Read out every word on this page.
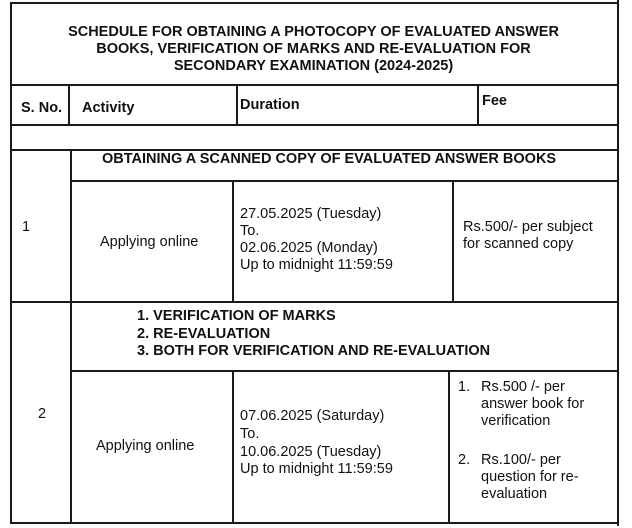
SCHEDULE FOR OBTAINING A PHOTOCOPY OF EVALUATED ANSWER
BOOKS, VERIFICATION OF MARKS AND RE-EVALUATION FOR
SECONDARY EXAMINATION (2024-2025)
S. No. Activity	Duration	Fee
OBTAINING A SCANNED COPY OF EVALUATED ANSWER BOOKS
1
Applying online
27.05.2025 (Tuesday)
To.
02.06.2025 (Monday)
Up to midnight 11:59:59
Rs.500/- per subject
for scanned copy
1. VERIFICATION OF MARKS
2. RE-EVALUATION
3. BOTH FOR VERIFICATION AND RE-EVALUATION
2
Applying online
07.06.2025 (Saturday)
To.
10.06.2025 (Tuesday)
Up to midnight 11:59:59
1. Rs.500 /- per
answer book for
verification
2. Rs.100/- per
question for re-
evaluation
